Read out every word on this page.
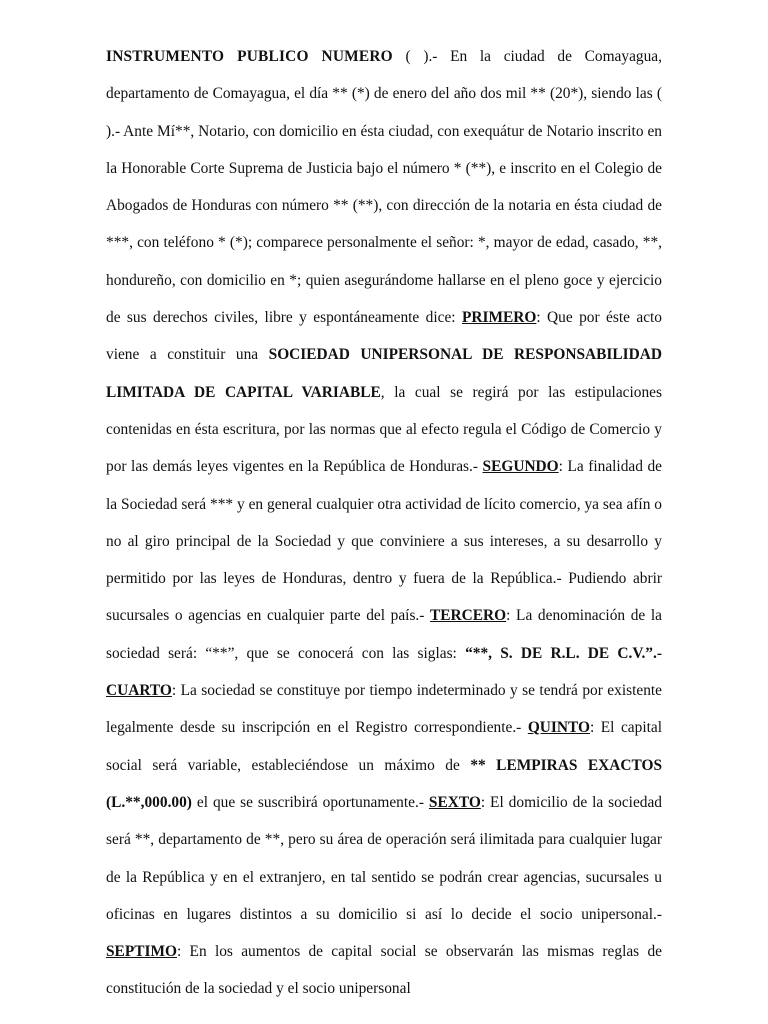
INSTRUMENTO PUBLICO NUMERO ( ).- En la ciudad de Comayagua, departamento de Comayagua, el día ** (*) de enero del año dos mil ** (20*), siendo las ( ).- Ante Mí**, Notario, con domicilio en ésta ciudad, con exequátur de Notario inscrito en la Honorable Corte Suprema de Justicia bajo el número * (**), e inscrito en el Colegio de Abogados de Honduras con número ** (**), con dirección de la notaria en ésta ciudad de ***, con teléfono * (*); comparece personalmente el señor: *, mayor de edad, casado, **, hondureño, con domicilio en *; quien asegurándome hallarse en el pleno goce y ejercicio de sus derechos civiles, libre y espontáneamente dice: PRIMERO: Que por éste acto viene a constituir una SOCIEDAD UNIPERSONAL DE RESPONSABILIDAD LIMITADA DE CAPITAL VARIABLE, la cual se regirá por las estipulaciones contenidas en ésta escritura, por las normas que al efecto regula el Código de Comercio y por las demás leyes vigentes en la República de Honduras.- SEGUNDO: La finalidad de la Sociedad será *** y en general cualquier otra actividad de lícito comercio, ya sea afín o no al giro principal de la Sociedad y que conviniere a sus intereses, a su desarrollo y permitido por las leyes de Honduras, dentro y fuera de la República.- Pudiendo abrir sucursales o agencias en cualquier parte del país.- TERCERO: La denominación de la sociedad será: “**”, que se conocerá con las siglas: “**, S. DE R.L. DE C.V.”.- CUARTO: La sociedad se constituye por tiempo indeterminado y se tendrá por existente legalmente desde su inscripción en el Registro correspondiente.- QUINTO: El capital social será variable, estableciéndose un máximo de ** LEMPIRAS EXACTOS (L.**,000.00) el que se suscribirá oportunamente.- SEXTO: El domicilio de la sociedad será **, departamento de **, pero su área de operación será ilimitada para cualquier lugar de la República y en el extranjero, en tal sentido se podrán crear agencias, sucursales u oficinas en lugares distintos a su domicilio si así lo decide el socio unipersonal.- SEPTIMO: En los aumentos de capital social se observarán las mismas reglas de constitución de la sociedad y el socio unipersonal
